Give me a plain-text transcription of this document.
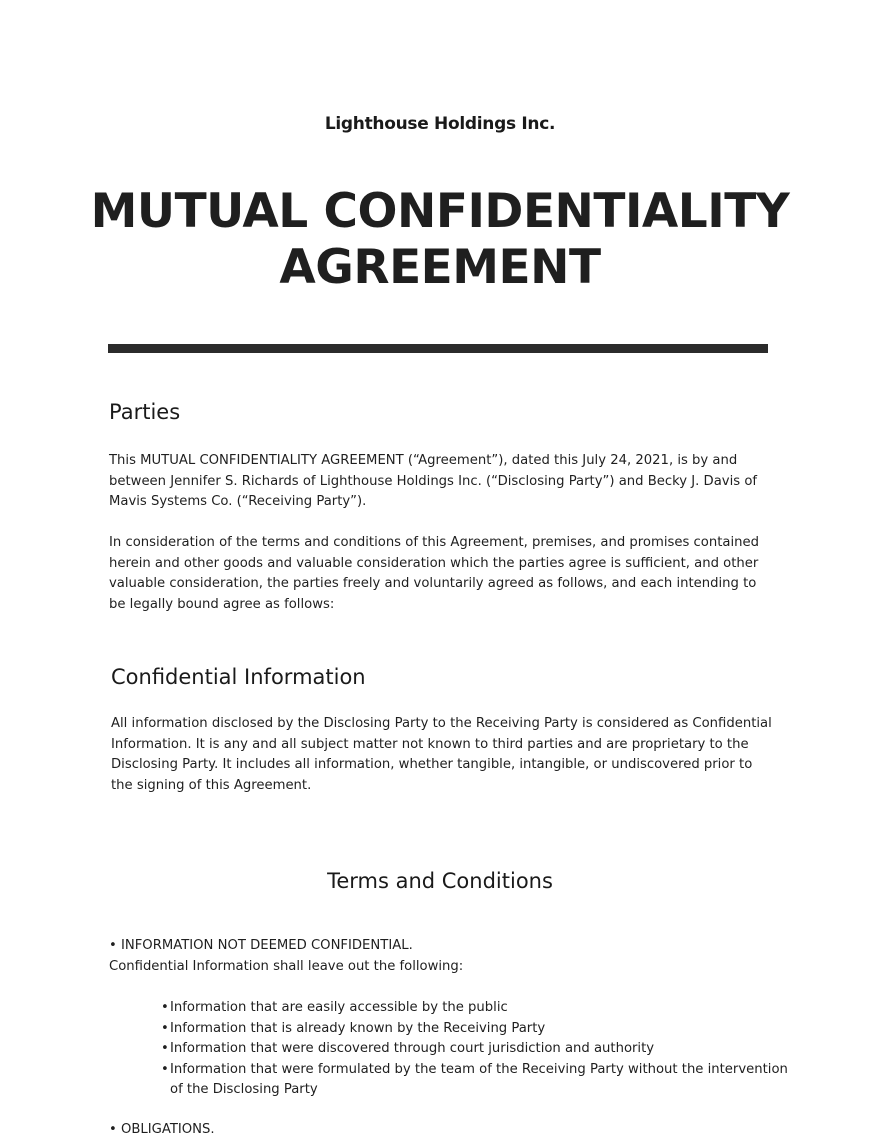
Lighthouse Holdings Inc.
MUTUAL CONFIDENTIALITY
AGREEMENT
Parties

This MUTUAL CONFIDENTIALITY AGREEMENT (“Agreement”), dated this July 24, 2021, is by and between Jennifer S. Richards of Lighthouse Holdings Inc. (“Disclosing Party”) and Becky J. Davis of Mavis Systems Co. (“Receiving Party”).

In consideration of the terms and conditions of this Agreement, premises, and promises contained herein and other goods and valuable consideration which the parties agree is sufficient, and other valuable consideration, the parties freely and voluntarily agreed as follows, and each intending to be legally bound agree as follows:

Confidential Information

All information disclosed by the Disclosing Party to the Receiving Party is considered as Confidential Information. It is any and all subject matter not known to third parties and are proprietary to the Disclosing Party. It includes all information, whether tangible, intangible, or undiscovered prior to the signing of this Agreement.

Terms and Conditions

• INFORMATION NOT DEEMED CONFIDENTIAL.

Confidential Information shall leave out the following:

• Information that are easily accessible by the public
• Information that is already known by the Receiving Party
• Information that were discovered through court jurisdiction and authority
• Information that were formulated by the team of the Receiving Party without the intervention of the Disclosing Party

• OBLIGATIONS.
